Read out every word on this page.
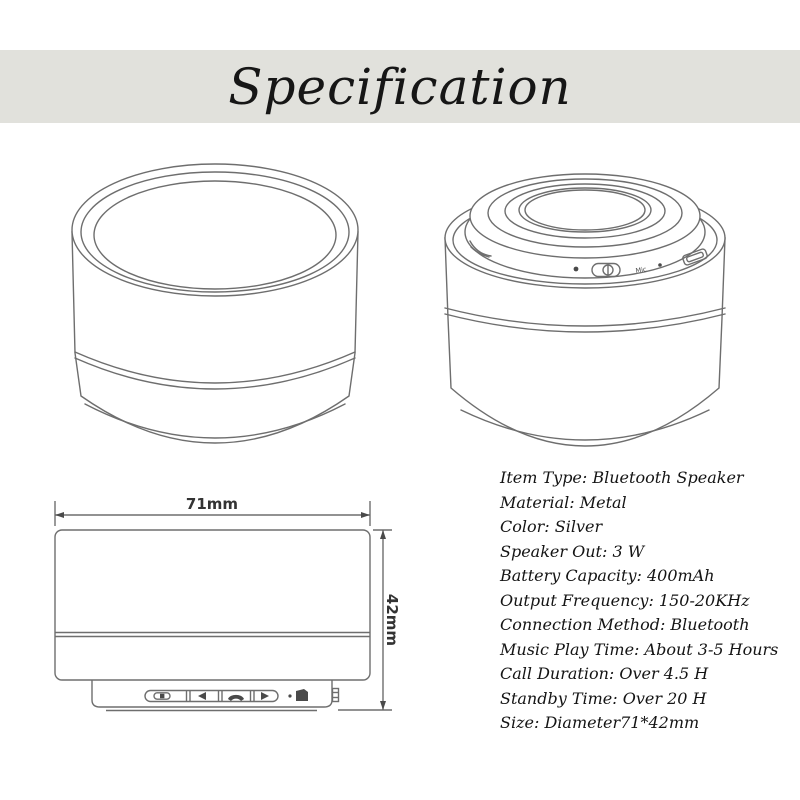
Specification
Mic
71mm
42mm
Item Type: Bluetooth Speaker
Material: Metal
Color: Silver
Speaker Out: 3 W
Battery Capacity: 400mAh
Output Frequency: 150-20KHz
Connection Method: Bluetooth
Music Play Time: About 3-5 Hours
Call Duration: Over 4.5 H
Standby Time: Over 20 H
Size: Diameter71*42mm
